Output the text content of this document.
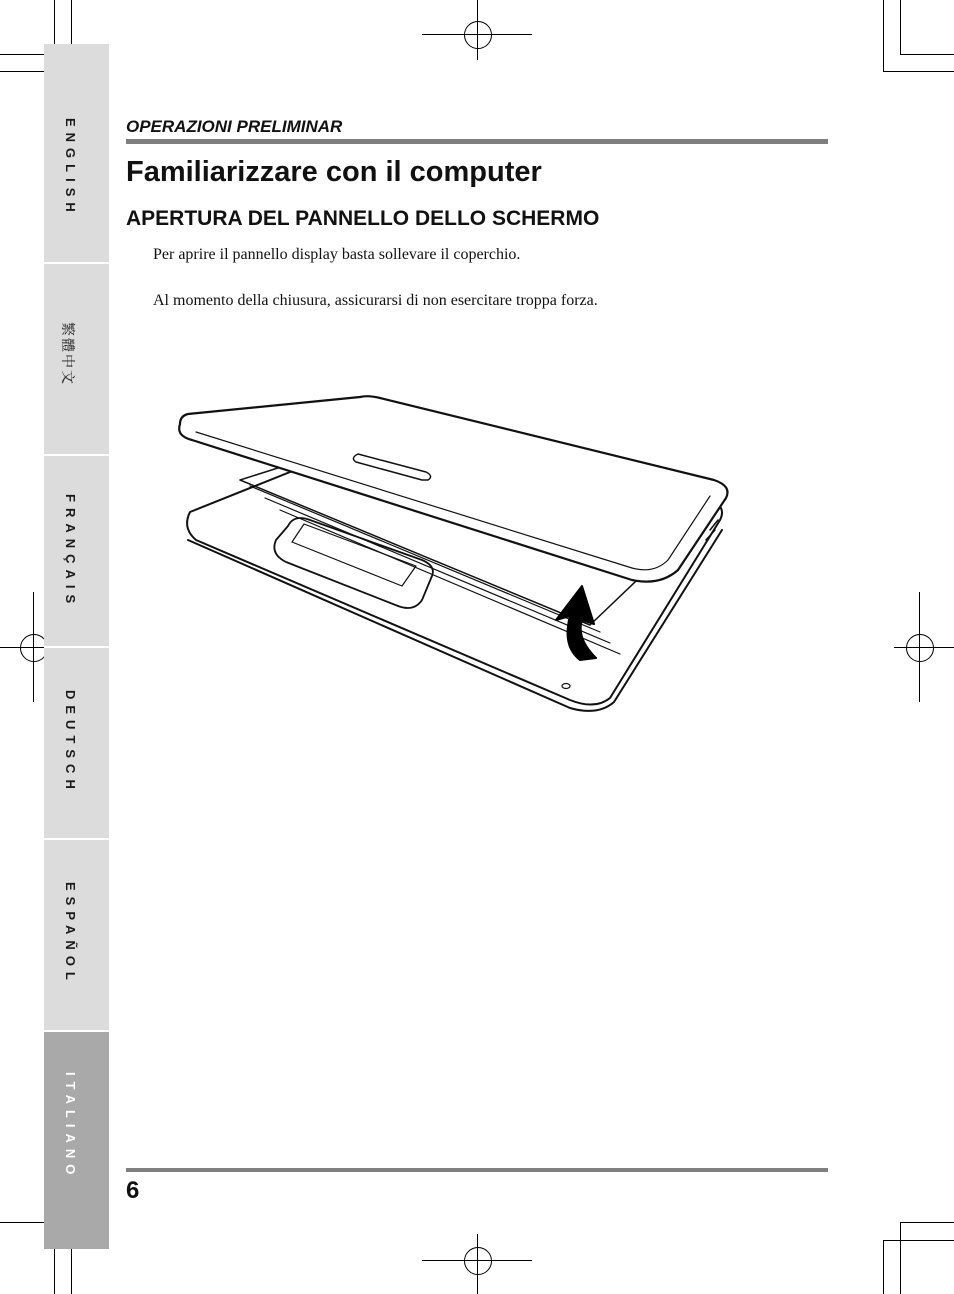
ENGLISH
繁體中文
FRANÇAIS
DEUTSCH
ESPAÑOL
ITALIANO
OPERAZIONI PRELIMINAR
Familiarizzare con il computer
APERTURA DEL PANNELLO DELLO SCHERMO
Per aprire il pannello display basta sollevare il coperchio.
Al momento della chiusura, assicurarsi di non esercitare troppa forza.
6
